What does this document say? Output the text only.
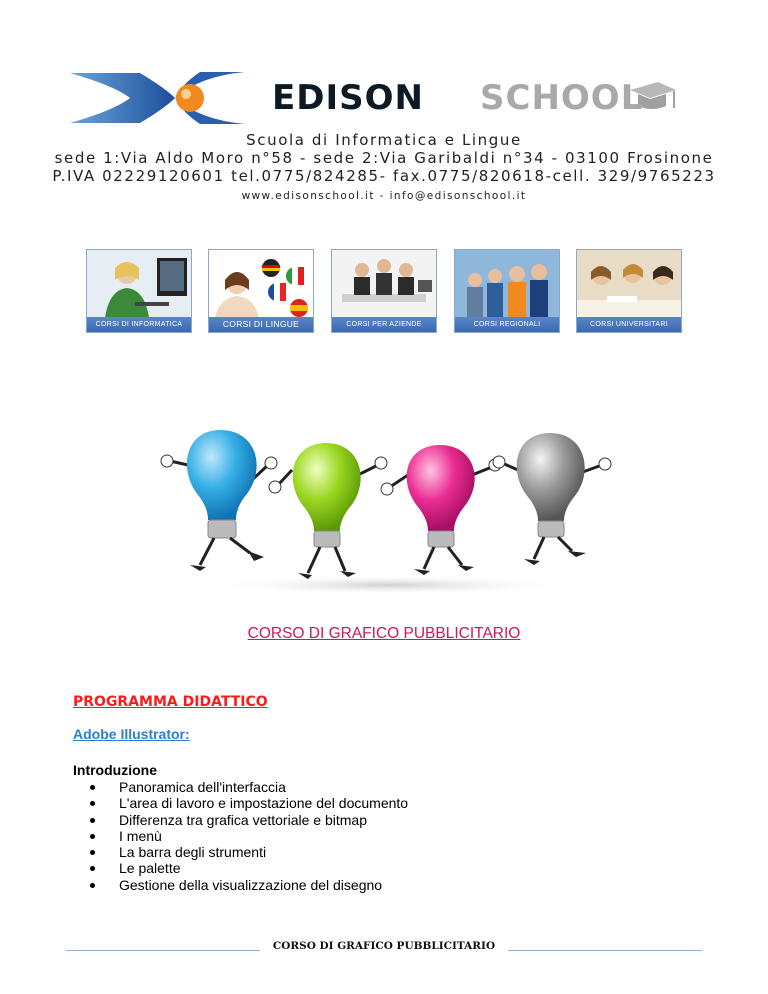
EDISON SCHOOL
Scuola di Informatica e Lingue
sede 1:Via Aldo Moro n°58 - sede 2:Via Garibaldi n°34 - 03100 Frosinone
P.IVA 02229120601 tel.0775/824285- fax.0775/820618-cell. 329/9765223
www.edisonschool.it - info@edisonschool.it
CORSI DI INFORMATICA	CORSI DI LINGUE	CORSI PER AZIENDE	CORSI REGIONALI	CORSI UNIVERSITARI
CORSO DI GRAFICO PUBBLICITARIO
PROGRAMMA DIDATTICO
Adobe Illustrator:
Introduzione
Panoramica dell'interfaccia
L'area di lavoro e impostazione del documento
Differenza tra grafica vettoriale e bitmap
I menù
La barra degli strumenti
Le palette
Gestione della visualizzazione del disegno
CORSO DI GRAFICO PUBBLICITARIO
